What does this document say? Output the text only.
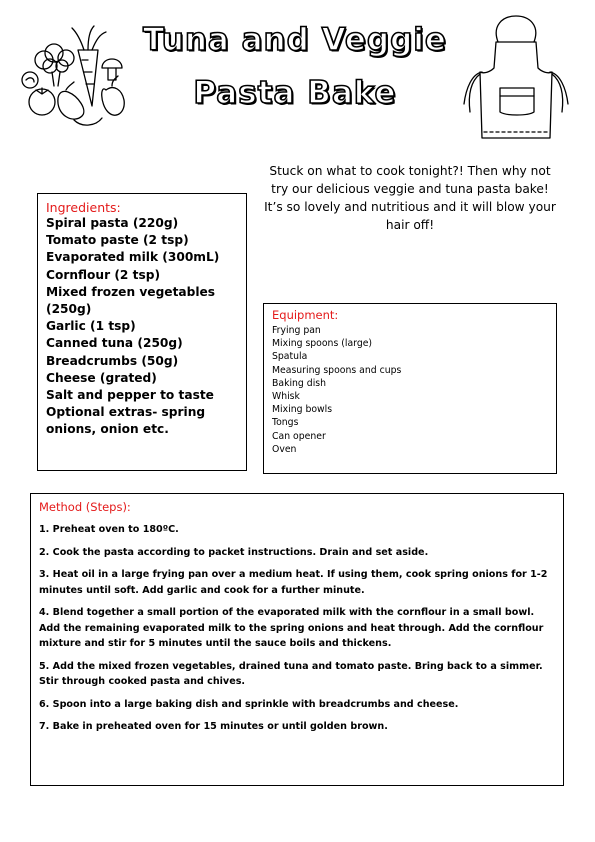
Tuna and Veggie
Pasta Bake
Stuck on what to cook tonight?! Then why not try our delicious veggie and tuna pasta bake! It’s so lovely and nutritious and it will blow your hair off!
Ingredients:
Spiral pasta (220g)
Tomato paste (2 tsp)
Evaporated milk (300mL)
Cornflour (2 tsp)
Mixed frozen vegetables (250g)
Garlic (1 tsp)
Canned tuna (250g)
Breadcrumbs (50g)
Cheese (grated)
Salt and pepper to taste
Optional extras- spring onions, onion etc.
Equipment:
Frying pan
Mixing spoons (large)
Spatula
Measuring spoons and cups
Baking dish
Whisk
Mixing bowls
Tongs
Can opener
Oven
Method (Steps):
1. Preheat oven to 180ºC.
2. Cook the pasta according to packet instructions. Drain and set aside.
3. Heat oil in a large frying pan over a medium heat. If using them, cook spring onions for 1-2 minutes until soft. Add garlic and cook for a further minute.
4. Blend together a small portion of the evaporated milk with the cornflour in a small bowl. Add the remaining evaporated milk to the spring onions and heat through. Add the cornflour mixture and stir for 5 minutes until the sauce boils and thickens.
5. Add the mixed frozen vegetables, drained tuna and tomato paste. Bring back to a simmer. Stir through cooked pasta and chives.
6. Spoon into a large baking dish and sprinkle with breadcrumbs and cheese.
7. Bake in preheated oven for 15 minutes or until golden brown.
